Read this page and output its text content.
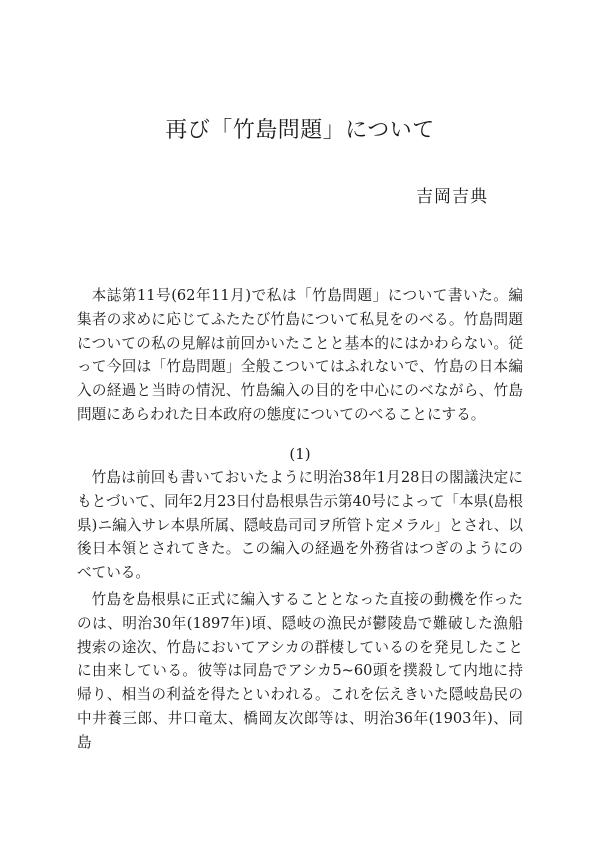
再び「竹島問題」について

吉岡吉典

本誌第11号(62年11月)で私は「竹島問題」について書いた。編集者の求めに応じてふたたび竹島について私見をのべる。竹島問題についての私の見解は前回かいたことと基本的にはかわらない。従って今回は「竹島問題」全般こついてはふれないで、竹島の日本編入の経過と当時の情況、竹島編入の目的を中心にのべながら、竹島問題にあらわれた日本政府の態度についてのべることにする。

(1)

竹島は前回も書いておいたように明治38年1月28日の閣議決定にもとづいて、同年2月23日付島根県告示第40号によって「本県(島根県)ニ編入サレ本県所属、隠岐島司司ヲ所管ト定メラル」とされ、以後日本領とされてきた。この編入の経過を外務省はつぎのようにのべている。

竹島を島根県に正式に編入することとなった直接の動機を作ったのは、明治30年(1897年)頃、隠岐の漁民が鬱陵島で難破した漁船捜索の途次、竹島においてアシカの群棲しているのを発見したことに由来している。彼等は同島でアシカ5~60頭を撲殺して内地に持帰り、相当の利益を得たといわれる。これを伝えきいた隠岐島民の中井養三郎、井口竜太、橋岡友次郎等は、明治36年(1903年)、同島
